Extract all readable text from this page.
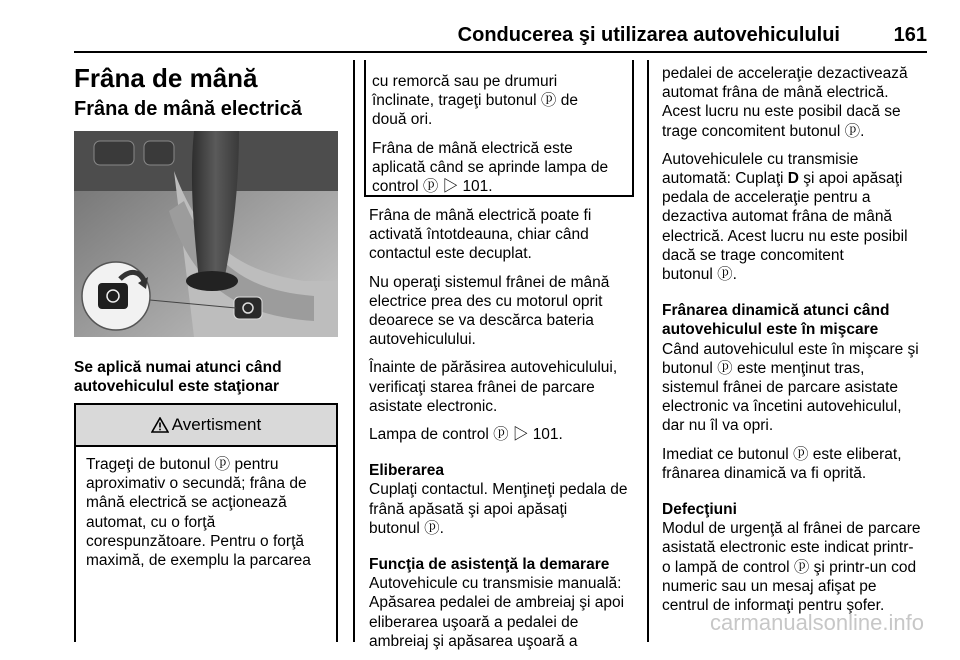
Conducerea şi utilizarea autovehiculului	161
Frâna de mână
Frâna de mână electrică
Se aplică numai atunci când
autovehiculul este staţionar
Avertisment
Trageţi de butonul ⓟ pentru
aproximativ o secundă; frâna de
mână electrică se acţionează
automat, cu o forţă
corespunzătoare. Pentru o forţă
maximă, de exemplu la parcarea

cu remorcă sau pe drumuri
înclinate, trageţi butonul ⓟ de
două ori.

Frâna de mână electrică este
aplicată când se aprinde lampa de
control ⓟ ▷ 101.

Frâna de mână electrică poate fi
activată întotdeauna, chiar când
contactul este decuplat.

Nu operaţi sistemul frânei de mână
electrice prea des cu motorul oprit
deoarece se va descărca bateria
autovehiculului.

Înainte de părăsirea autovehiculului,
verificaţi starea frânei de parcare
asistate electronic.

Lampa de control ⓟ ▷ 101.

Eliberarea

Cuplaţi contactul. Menţineţi pedala de
frână apăsată şi apoi apăsaţi
butonul ⓟ.

Funcţia de asistenţă la demarare

Autovehicule cu transmisie manuală:
Apăsarea pedalei de ambreiaj şi apoi
eliberarea uşoară a pedalei de
ambreiaj şi apăsarea uşoară a

pedalei de acceleraţie dezactivează
automat frâna de mână electrică.
Acest lucru nu este posibil dacă se
trage concomitent butonul ⓟ.

Autovehiculele cu transmisie
automată: Cuplaţi D şi apoi apăsaţi
pedala de acceleraţie pentru a
dezactiva automat frâna de mână
electrică. Acest lucru nu este posibil
dacă se trage concomitent
butonul ⓟ.

Frânarea dinamică atunci când
autovehiculul este în mişcare

Când autovehiculul este în mişcare şi
butonul ⓟ este menţinut tras,
sistemul frânei de parcare asistate
electronic va încetini autovehiculul,
dar nu îl va opri.

Imediat ce butonul ⓟ este eliberat,
frânarea dinamică va fi oprită.

Defecţiuni

Modul de urgenţă al frânei de parcare
asistată electronic este indicat printr-
o lampă de control ⓟ şi printr-un cod
numeric sau un mesaj afişat pe
centrul de informaţi pentru şofer.

carmanualsonline.info
